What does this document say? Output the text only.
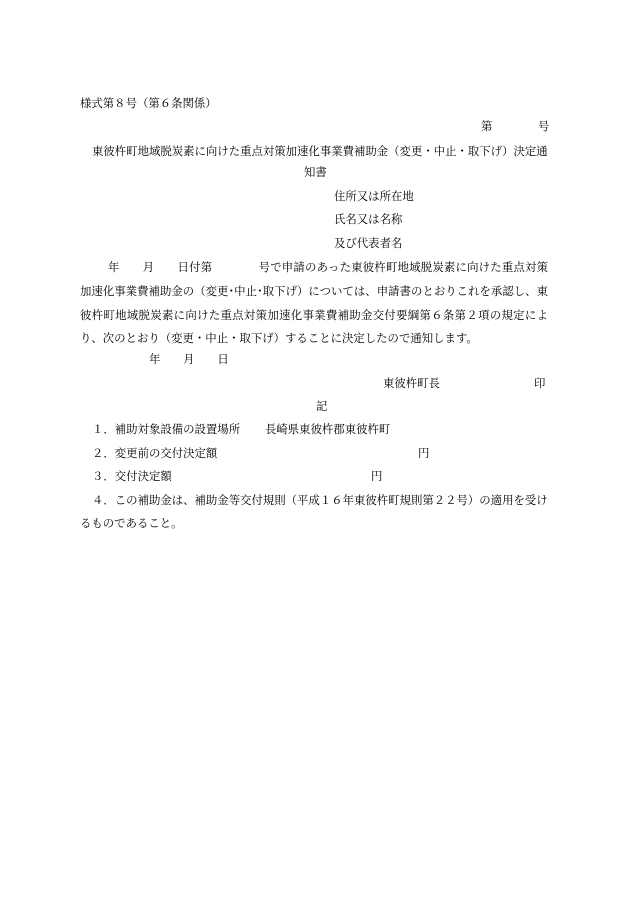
様式第８号（第６条関係）
第	号
東彼杵町地域脱炭素に向けた重点対策加速化事業費補助金（変更・中止・取下げ）決定通
知書
住所又は所在地
氏名又は名称
及び代表者名
年　　月　　日付第　　　　号で申請のあった東彼杵町地域脱炭素に向けた重点対策加速化事業費補助金の（変更･中止･取下げ）については、申請書のとおりこれを承認し、東彼杵町地域脱炭素に向けた重点対策加速化事業費補助金交付要綱第６条第２項の規定により、次のとおり（変更・中止・取下げ）することに決定したので通知します。
年　　月　　日
東彼杵町長	印
記
１．補助対象設備の設置場所 長崎県東彼杵郡東彼杵町
２．変更前の交付決定額	円
３．交付決定額	円
４．この補助金は、補助金等交付規則（平成１６年東彼杵町規則第２２号）の適用を受け
るものであること。
